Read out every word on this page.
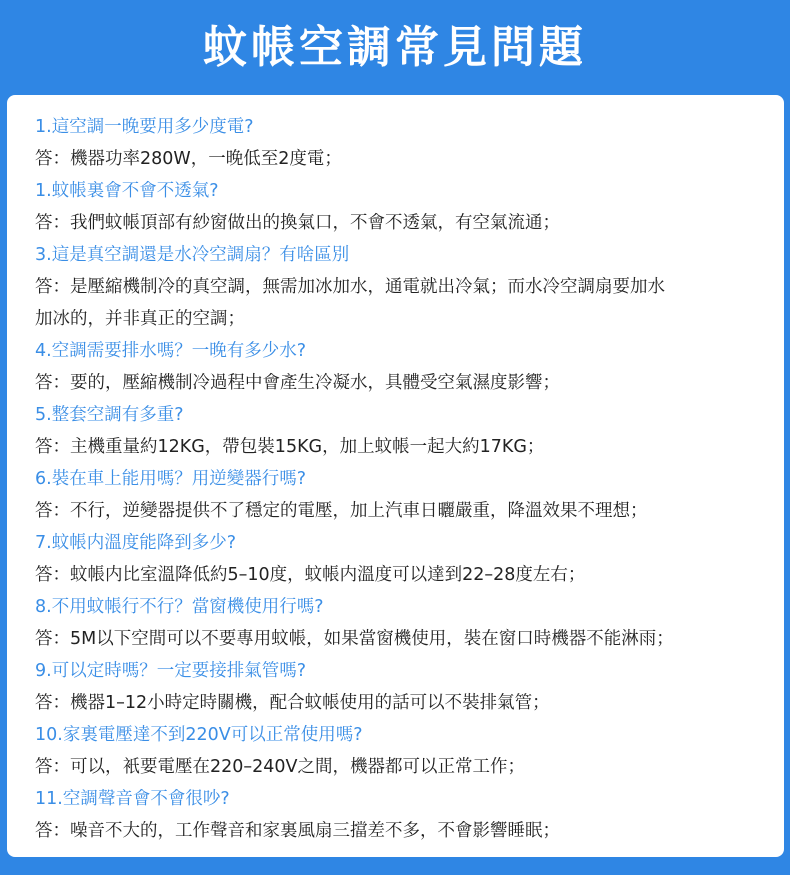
蚊帳空調常見問題
1.這空調一晚要用多少度電?
答：機器功率280W，一晚低至2度電；
1.蚊帳裏會不會不透氣?
答：我們蚊帳頂部有紗窗做出的換氣口，不會不透氣，有空氣流通；
3.這是真空調還是水冷空調扇？有啥區別
答：是壓縮機制冷的真空調，無需加冰加水，通電就出冷氣；而水冷空調扇要加水
加冰的，并非真正的空調；
4.空調需要排水嗎？一晚有多少水?
答：要的，壓縮機制冷過程中會產生冷凝水，具體受空氣濕度影響；
5.整套空調有多重?
答：主機重量約12KG，帶包裝15KG，加上蚊帳一起大約17KG；
6.裝在車上能用嗎？用逆變器行嗎?
答：不行，逆變器提供不了穩定的電壓，加上汽車日曬嚴重，降溫效果不理想；
7.蚊帳内溫度能降到多少?
答：蚊帳内比室溫降低約5–10度，蚊帳内溫度可以達到22–28度左右；
8.不用蚊帳行不行？當窗機使用行嗎?
答：5M以下空間可以不要專用蚊帳，如果當窗機使用，裝在窗口時機器不能淋雨；
9.可以定時嗎？一定要接排氣管嗎?
答：機器1–12小時定時關機，配合蚊帳使用的話可以不裝排氣管；
10.家裏電壓達不到220V可以正常使用嗎?
答：可以，衹要電壓在220–240V之間，機器都可以正常工作；
11.空調聲音會不會很吵?
答：噪音不大的，工作聲音和家裏風扇三擋差不多，不會影響睡眠；
